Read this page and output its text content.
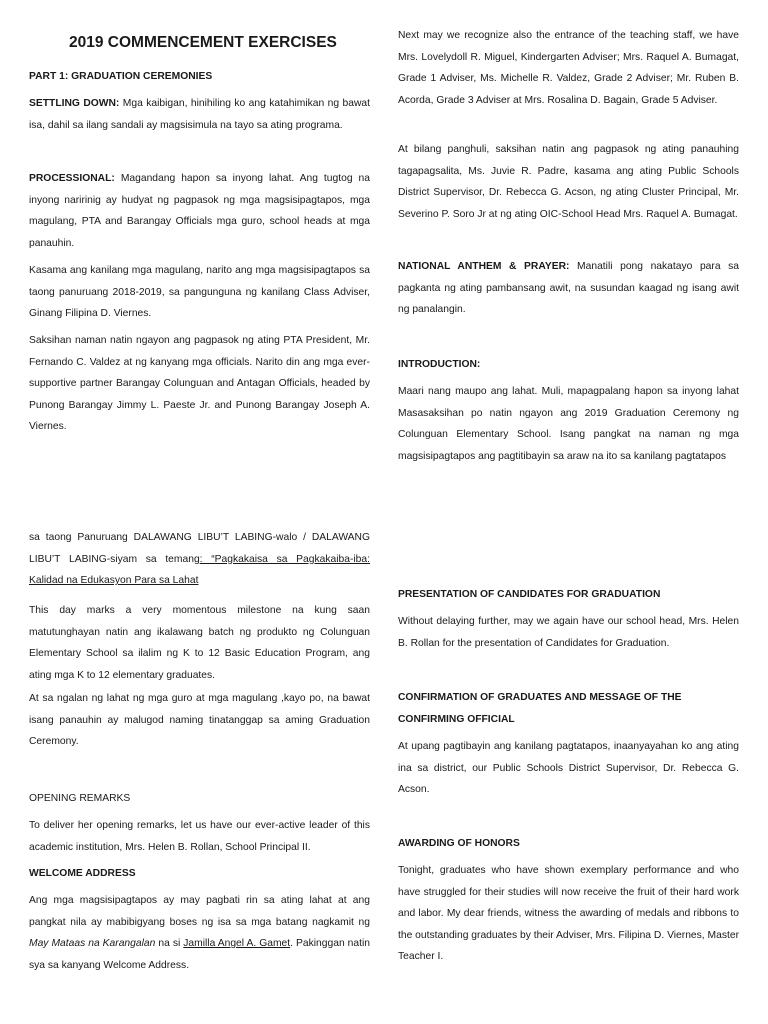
2019 COMMENCEMENT EXERCISES

PART 1: GRADUATION CEREMONIES

SETTLING DOWN: Mga kaibigan, hinihiling ko ang katahimikan ng bawat isa, dahil sa ilang sandali ay magsisimula na tayo sa ating programa.

PROCESSIONAL: Magandang hapon sa inyong lahat. Ang tugtog na inyong naririnig ay hudyat ng pagpasok ng mga magsisipagtapos, mga magulang, PTA and Barangay Officials mga guro, school heads at mga panauhin.

Kasama ang kanilang mga magulang, narito ang mga magsisipagtapos sa taong panuruang 2018-2019, sa pangunguna ng kanilang Class Adviser, Ginang Filipina D. Viernes.

Saksihan naman natin ngayon ang pagpasok ng ating PTA President, Mr. Fernando C. Valdez at ng kanyang mga officials. Narito din ang mga ever-supportive partner Barangay Colunguan and Antagan Officials, headed by Punong Barangay Jimmy L. Paeste Jr. and Punong Barangay Joseph A. Viernes.

sa taong Panuruang DALAWANG LIBU’T LABING-walo / DALAWANG LIBU’T LABING-siyam sa temang: “Pagkakaisa sa Pagkakaiba-iba: Kalidad na Edukasyon Para sa Lahat

This day marks a very momentous milestone na kung saan matutunghayan natin ang ikalawang batch ng produkto ng Colunguan Elementary School sa ilalim ng K to 12 Basic Education Program, ang ating mga K to 12 elementary graduates.

At sa ngalan ng lahat ng mga guro at mga magulang ,kayo po, na bawat isang panauhin ay malugod naming tinatanggap sa aming Graduation Ceremony.

OPENING REMARKS

To deliver her opening remarks, let us have our ever-active leader of this academic institution, Mrs. Helen B. Rollan, School Principal II.

WELCOME ADDRESS

Ang mga magsisipagtapos ay may pagbati rin sa ating lahat at ang pangkat nila ay mabibigyang boses ng isa sa mga batang nagkamit ng May Mataas na Karangalan na si Jamilla Angel A. Gamet. Pakinggan natin sya sa kanyang Welcome Address.

Next may we recognize also the entrance of the teaching staff, we have Mrs. Lovelydoll R. Miguel, Kindergarten Adviser; Mrs. Raquel A. Bumagat, Grade 1 Adviser, Ms. Michelle R. Valdez, Grade 2 Adviser; Mr. Ruben B. Acorda, Grade 3 Adviser at Mrs. Rosalina D. Bagain, Grade 5 Adviser.

At bilang panghuli, saksihan natin ang pagpasok ng ating panauhing tagapagsalita, Ms. Juvie R. Padre, kasama ang ating Public Schools District Supervisor, Dr. Rebecca G. Acson, ng ating Cluster Principal, Mr. Severino P. Soro Jr at ng ating OIC-School Head Mrs. Raquel A. Bumagat.

NATIONAL ANTHEM & PRAYER: Manatili pong nakatayo para sa pagkanta ng ating pambansang awit, na susundan kaagad ng isang awit ng panalangin.

INTRODUCTION:

Maari nang maupo ang lahat. Muli, mapagpalang hapon sa inyong lahat Masasaksihan po natin ngayon ang 2019 Graduation Ceremony ng Colunguan Elementary School. Isang pangkat na naman ng mga magsisipagtapos ang pagtitibayin sa araw na ito sa kanilang pagtatapos

PRESENTATION OF CANDIDATES FOR GRADUATION

Without delaying further, may we again have our school head, Mrs. Helen B. Rollan for the presentation of Candidates for Graduation.

CONFIRMATION OF GRADUATES AND MESSAGE OF THE CONFIRMING OFFICIAL

At upang pagtibayin ang kanilang pagtatapos, inaanyayahan ko ang ating ina sa district, our Public Schools District Supervisor, Dr. Rebecca G. Acson.

AWARDING OF HONORS

Tonight, graduates who have shown exemplary performance and who have struggled for their studies will now receive the fruit of their hard work and labor. My dear friends, witness the awarding of medals and ribbons to the outstanding graduates by their Adviser, Mrs. Filipina D. Viernes, Master Teacher I.
